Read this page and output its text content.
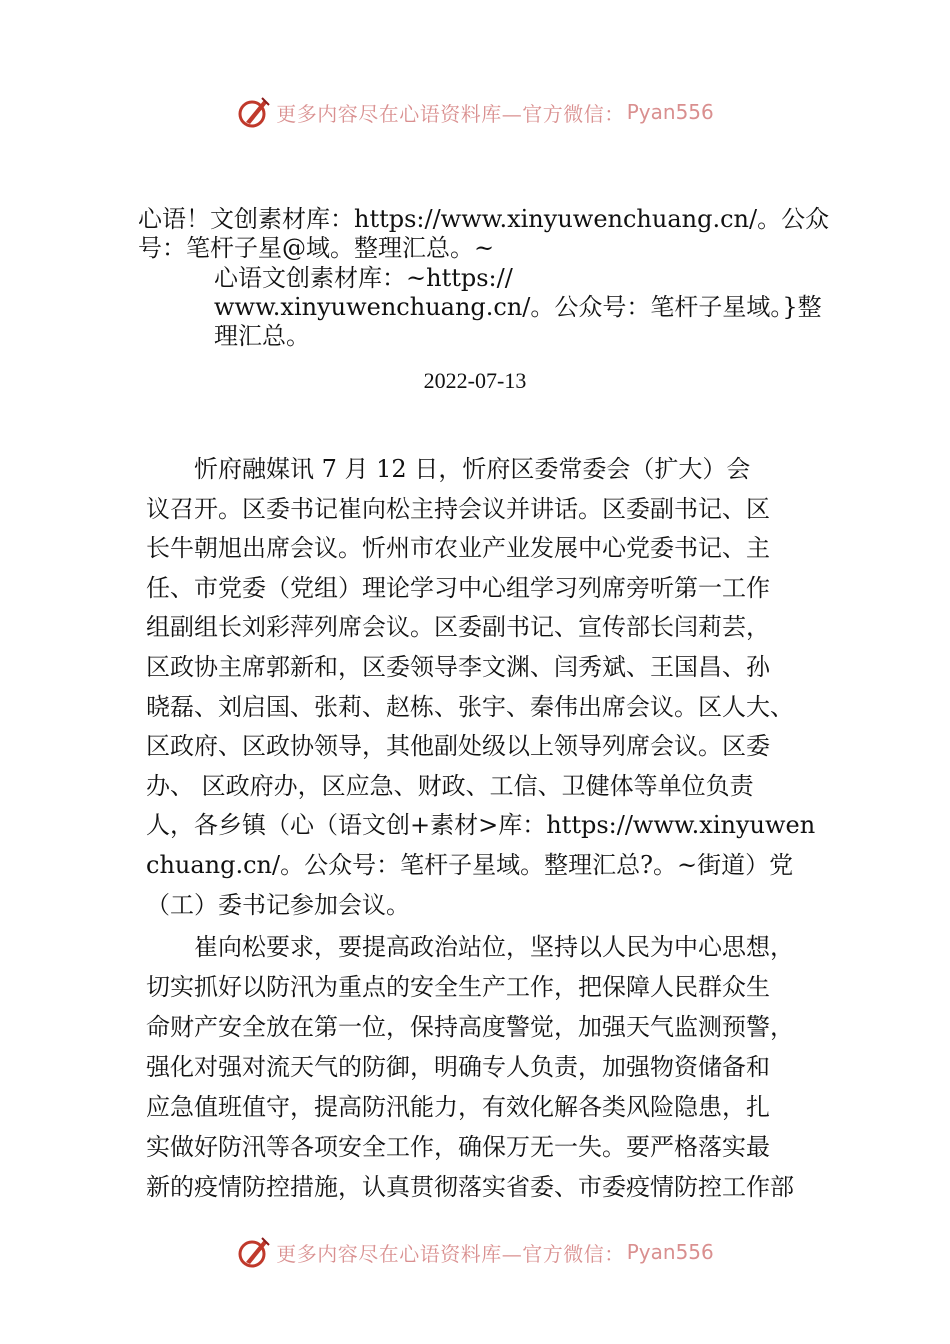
更多内容尽在心语资料库—官方微信： Pyan556
心语！文创素材库：https://www.xinyuwenchuang.cn/。公众
号：笔杆子星@域。整理汇总。~
心语文创素材库：~https://
www.xinyuwenchuang.cn/。公众号：笔杆子星域。}整
理汇总。
2022-07-13
　　忻府融媒讯 7 月 12 日，忻府区委常委会（扩大）会
议召开。区委书记崔向松主持会议并讲话。区委副书记、区
长牛朝旭出席会议。忻州市农业产业发展中心党委书记、主
任、市党委（党组）理论学习中心组学习列席旁听第一工作
组副组长刘彩萍列席会议。区委副书记、宣传部长闫莉芸，
区政协主席郭新和，区委领导李文渊、闫秀斌、王国昌、孙
晓磊、刘启国、张莉、赵栋、张宇、秦伟出席会议。区人大、
区政府、区政协领导，其他副处级以上领导列席会议。区委
办、 区政府办，区应急、财政、工信、卫健体等单位负责
人，各乡镇（心（语文创+素材>库：https://www.xinyuwen
chuang.cn/。公众号：笔杆子星域。整理汇总?。~街道）党
（工）委书记参加会议。
　　崔向松要求，要提高政治站位，坚持以人民为中心思想，
切实抓好以防汛为重点的安全生产工作，把保障人民群众生
命财产安全放在第一位，保持高度警觉，加强天气监测预警，
强化对强对流天气的防御，明确专人负责，加强物资储备和
应急值班值守，提高防汛能力，有效化解各类风险隐患，扎
实做好防汛等各项安全工作，确保万无一失。要严格落实最
新的疫情防控措施，认真贯彻落实省委、市委疫情防控工作部
更多内容尽在心语资料库—官方微信： Pyan556
